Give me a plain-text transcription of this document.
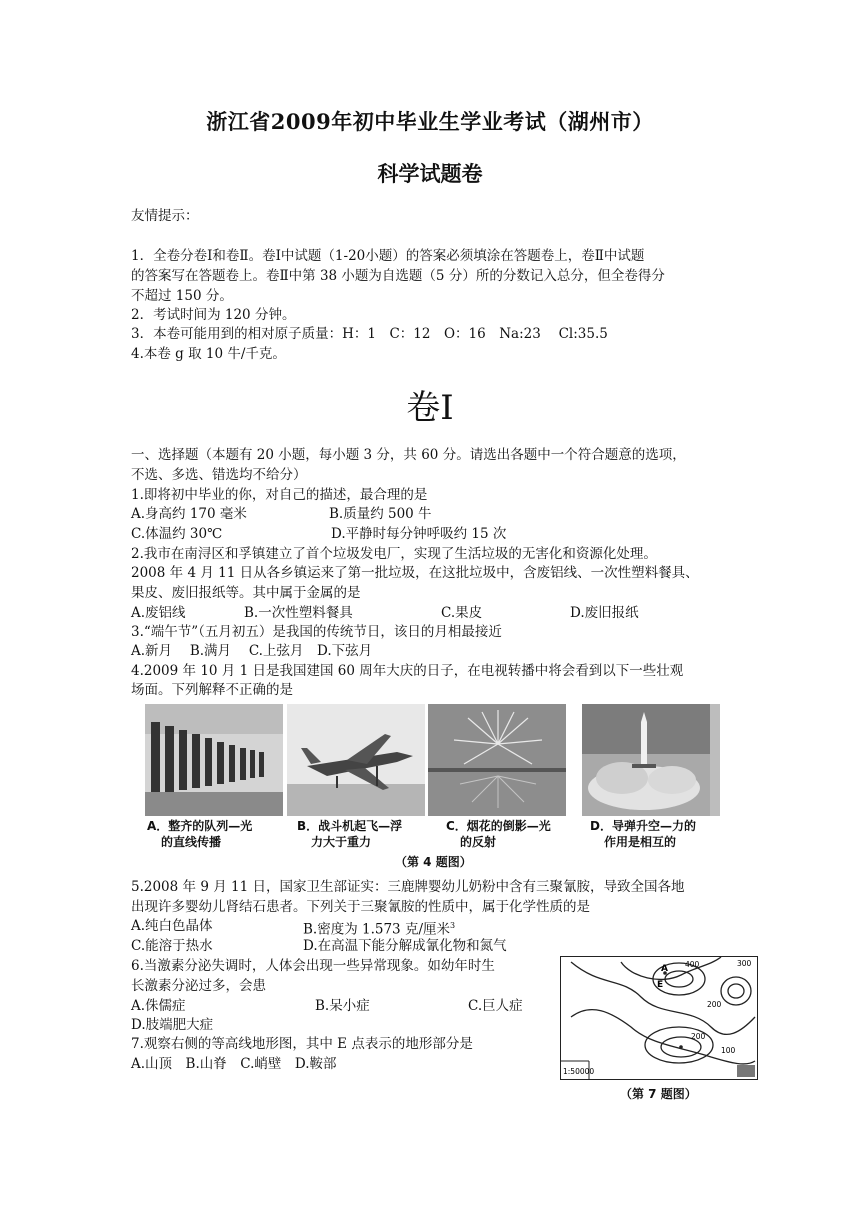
浙江省2009年初中毕业生学业考试（湖州市）
科学试题卷
友情提示：
1．全卷分卷Ⅰ和卷Ⅱ。卷Ⅰ中试题（1-20小题）的答案必须填涂在答题卷上，卷Ⅱ中试题
的答案写在答题卷上。卷Ⅱ中第 38 小题为自选题（5 分）所的分数记入总分，但全卷得分
不超过 150 分。
2．考试时间为 120 分钟。
3．本卷可能用到的相对原子质量：H：1　C：12　O：16　Na:23　 Cl:35.5
4.本卷 g 取 10 牛/千克。
卷Ⅰ
一、选择题（本题有 20 小题，每小题 3 分，共 60 分。请选出各题中一个符合题意的选项，
不选、多选、错选均不给分）
1.即将初中毕业的你，对自己的描述，最合理的是
A.身高约 170 毫米	B.质量约 500 牛
C.体温约 30℃	D.平静时每分钟呼吸约 15 次
2.我市在南浔区和孚镇建立了首个垃圾发电厂，实现了生活垃圾的无害化和资源化处理。
2008 年 4 月 11 日从各乡镇运来了第一批垃圾，在这批垃圾中，含废铝线、一次性塑料餐具、
果皮、废旧报纸等。其中属于金属的是
A.废铝线	B.一次性塑料餐具	C.果皮	D.废旧报纸
3.“端午节”（五月初五）是我国的传统节日，该日的月相最接近
A.新月　 B.满月　 C.上弦月　D.下弦月
4.2009 年 10 月 1 日是我国建国 60 周年大庆的日子，在电视转播中将会看到以下一些壮观
场面。下列解释不正确的是
A．整齐的队列—光
的直线传播
B．战斗机起飞—浮
力大于重力
C．烟花的倒影—光
的反射
D．导弹升空—力的
作用是相互的
（第 4 题图）
5.2008 年 9 月 11 日，国家卫生部证实：三鹿牌婴幼儿奶粉中含有三聚氰胺，导致全国各地
出现许多婴幼儿肾结石患者。下列关于三聚氰胺的性质中，属于化学性质的是
A.纯白色晶体	B.密度为 1.573 克/厘米$^3$
C.能溶于热水	D.在高温下能分解成氰化物和氮气
6.当激素分泌失调时，人体会出现一些异常现象。如幼年时生
长激素分泌过多，会患
A.侏儒症	B.呆小症	C.巨人症
D.肢端肥大症
7.观察右侧的等高线地形图，其中 E 点表示的地形部分是
A.山顶　B.山脊　C.峭壁　D.鞍部
A
E
400	300
200
200
100
1:50000
（第 7 题图）
